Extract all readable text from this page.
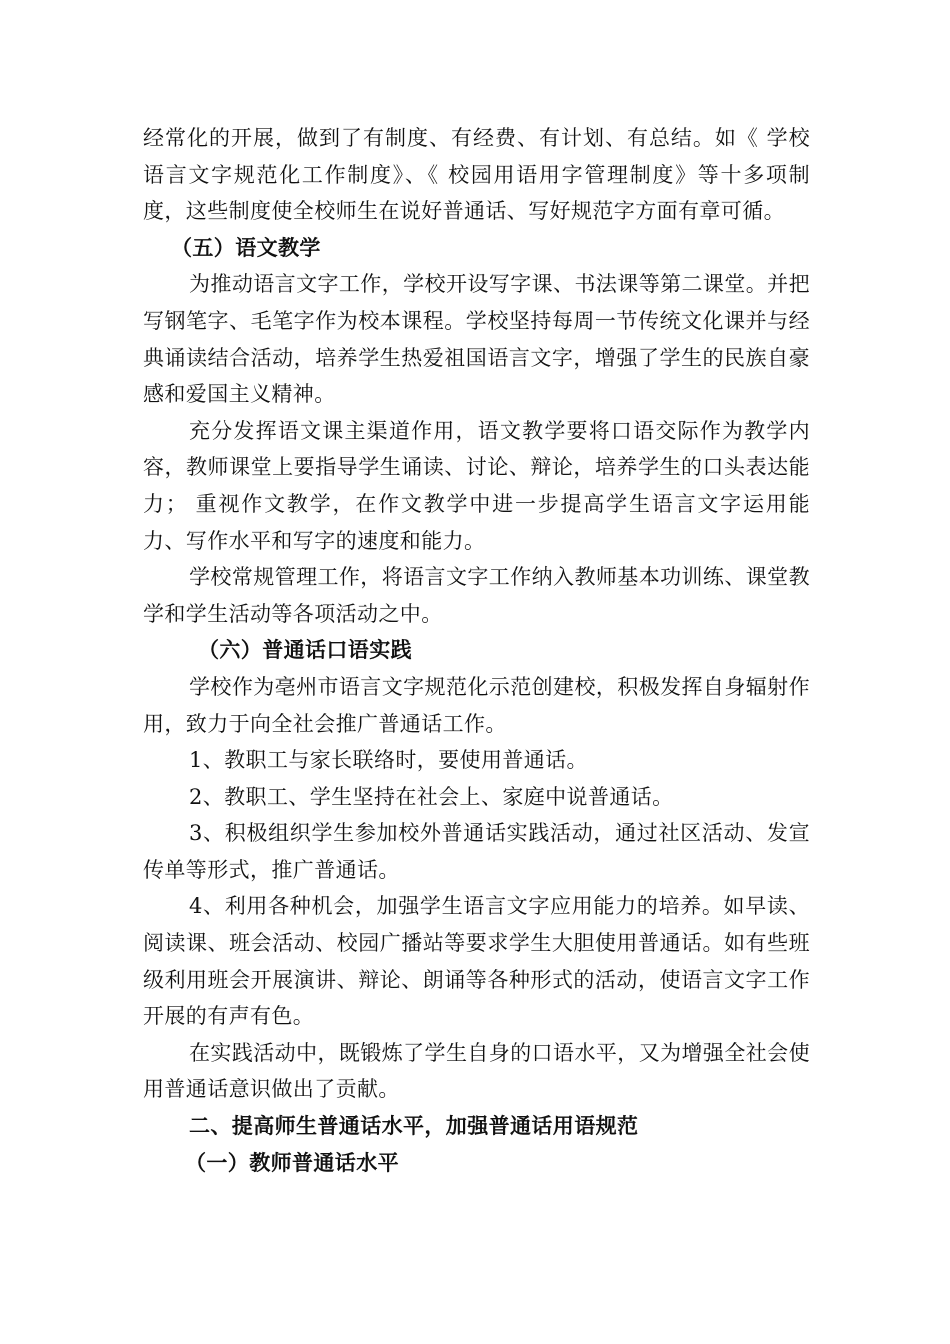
经常化的开展，做到了有制度、有经费、有计划、有总结。如《 学校语言文字规范化工作制度》、《 校园用语用字管理制度》等十多项制度，这些制度使全校师生在说好普通话、写好规范字方面有章可循。

（五）语文教学

为推动语言文字工作，学校开设写字课、书法课等第二课堂。并把写钢笔字、毛笔字作为校本课程。学校坚持每周一节传统文化课并与经典诵读结合活动，培养学生热爱祖国语言文字，增强了学生的民族自豪感和爱国主义精神。

充分发挥语文课主渠道作用，语文教学要将口语交际作为教学内容，教师课堂上要指导学生诵读、讨论、辩论，培养学生的口头表达能力； 重视作文教学，在作文教学中进一步提高学生语言文字运用能力、写作水平和写字的速度和能力。

学校常规管理工作，将语言文字工作纳入教师基本功训练、课堂教学和学生活动等各项活动之中。

（六）普通话口语实践

学校作为亳州市语言文字规范化示范创建校，积极发挥自身辐射作用，致力于向全社会推广普通话工作。

1、教职工与家长联络时，要使用普通话。

2、教职工、学生坚持在社会上、家庭中说普通话。

3、积极组织学生参加校外普通话实践活动，通过社区活动、发宣传单等形式，推广普通话。

4、利用各种机会，加强学生语言文字应用能力的培养。如早读、阅读课、班会活动、校园广播站等要求学生大胆使用普通话。如有些班级利用班会开展演讲、辩论、朗诵等各种形式的活动，使语言文字工作开展的有声有色。

在实践活动中，既锻炼了学生自身的口语水平，又为增强全社会使用普通话意识做出了贡献。

二、提高师生普通话水平，加强普通话用语规范

（一）教师普通话水平
